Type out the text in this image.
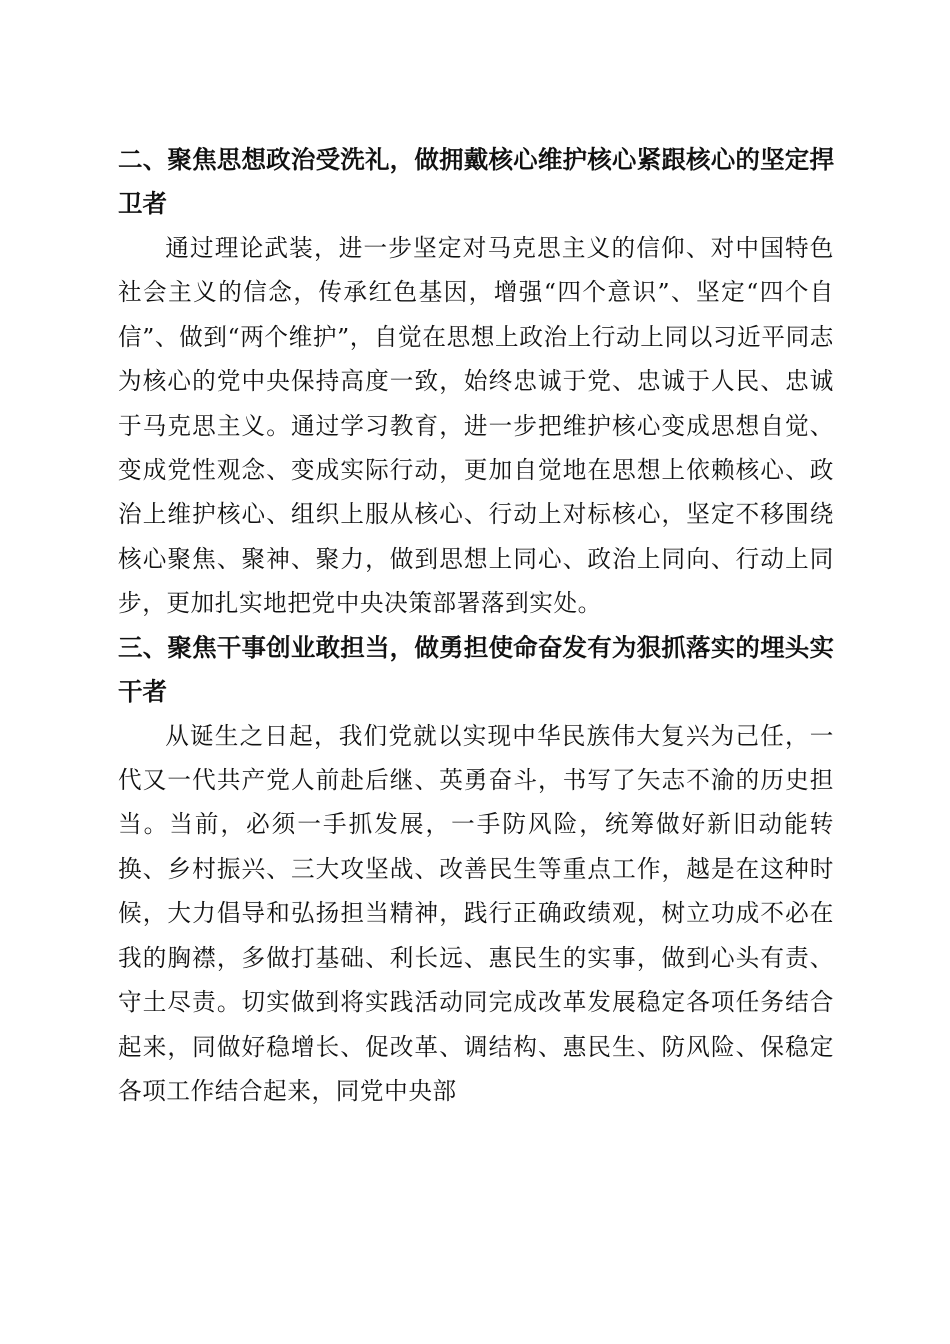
二、聚焦思想政治受洗礼，做拥戴核心维护核心紧跟核心的坚定捍卫者

通过理论武装，进一步坚定对马克思主义的信仰、对中国特色社会主义的信念，传承红色基因，增强“四个意识”、坚定“四个自信”、做到“两个维护”，自觉在思想上政治上行动上同以习近平同志为核心的党中央保持高度一致，始终忠诚于党、忠诚于人民、忠诚于马克思主义。通过学习教育，进一步把维护核心变成思想自觉、变成党性观念、变成实际行动，更加自觉地在思想上依赖核心、政治上维护核心、组织上服从核心、行动上对标核心，坚定不移围绕核心聚焦、聚神、聚力，做到思想上同心、政治上同向、行动上同步，更加扎实地把党中央决策部署落到实处。

三、聚焦干事创业敢担当，做勇担使命奋发有为狠抓落实的埋头实干者

从诞生之日起，我们党就以实现中华民族伟大复兴为己任，一代又一代共产党人前赴后继、英勇奋斗，书写了矢志不渝的历史担当。当前，必须一手抓发展，一手防风险，统筹做好新旧动能转换、乡村振兴、三大攻坚战、改善民生等重点工作，越是在这种时候，大力倡导和弘扬担当精神，践行正确政绩观，树立功成不必在我的胸襟，多做打基础、利长远、惠民生的实事，做到心头有责、守土尽责。切实做到将实践活动同完成改革发展稳定各项任务结合起来，同做好稳增长、促改革、调结构、惠民生、防风险、保稳定各项工作结合起来，同党中央部
